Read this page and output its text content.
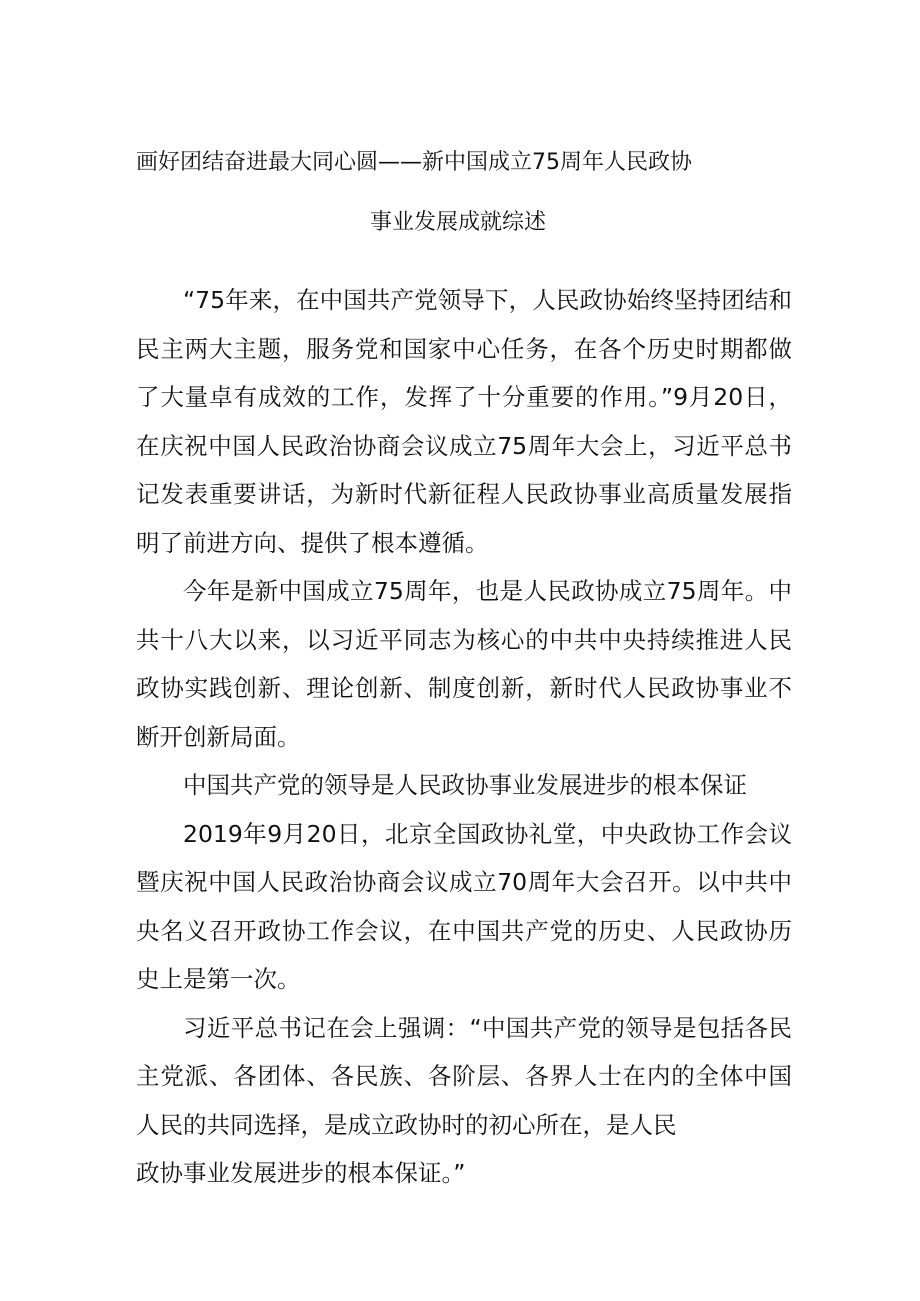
画好团结奋进最大同心圆——新中国成立75周年人民政协
事业发展成就综述

“75年来，在中国共产党领导下，人民政协始终坚持团结和民主两大主题，服务党和国家中心任务，在各个历史时期都做了大量卓有成效的工作，发挥了十分重要的作用。”9月20日，在庆祝中国人民政治协商会议成立75周年大会上，习近平总书记发表重要讲话，为新时代新征程人民政协事业高质量发展指明了前进方向、提供了根本遵循。

今年是新中国成立75周年，也是人民政协成立75周年。中共十八大以来，以习近平同志为核心的中共中央持续推进人民政协实践创新、理论创新、制度创新，新时代人民政协事业不断开创新局面。

中国共产党的领导是人民政协事业发展进步的根本保证

2019年9月20日，北京全国政协礼堂，中央政协工作会议暨庆祝中国人民政治协商会议成立70周年大会召开。以中共中央名义召开政协工作会议，在中国共产党的历史、人民政协历史上是第一次。

习近平总书记在会上强调：“中国共产党的领导是包括各民主党派、各团体、各民族、各阶层、各界人士在内的全体中国人民的共同选择，是成立政协时的初心所在，是人民

政协事业发展进步的根本保证。”
